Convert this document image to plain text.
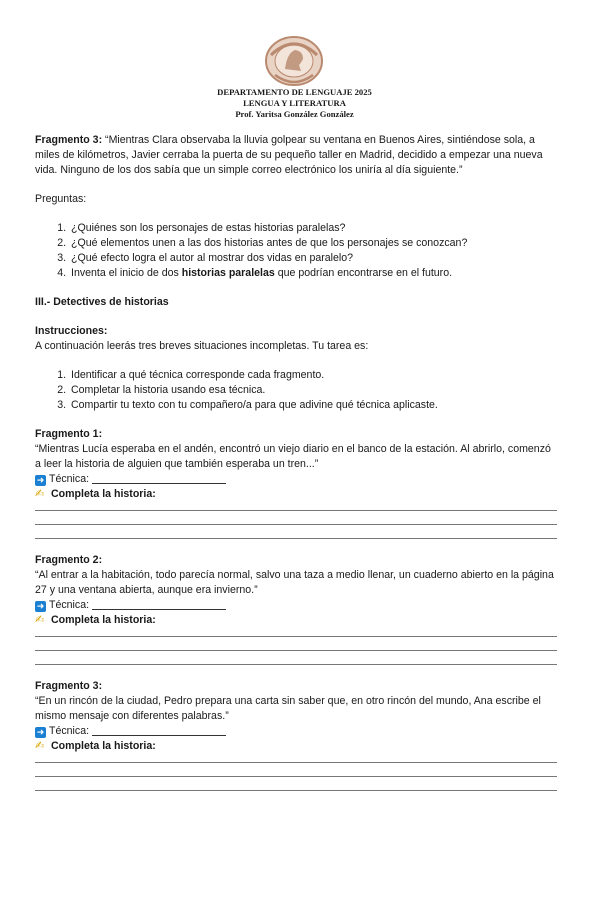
DEPARTAMENTO DE LENGUAJE 2025
LENGUA Y LITERATURA
Prof. Yaritsa González González

Fragmento 3: “Mientras Clara observaba la lluvia golpear su ventana en Buenos Aires, sintiéndose sola, a miles de kilómetros, Javier cerraba la puerta de su pequeño taller en Madrid, decidido a empezar una nueva vida. Ninguno de los dos sabía que un simple correo electrónico los uniría al día siguiente.”

Preguntas:

1. ¿Quiénes son los personajes de estas historias paralelas?
2. ¿Qué elementos unen a las dos historias antes de que los personajes se conozcan?
3. ¿Qué efecto logra el autor al mostrar dos vidas en paralelo?
4. Inventa el inicio de dos historias paralelas que podrían encontrarse en el futuro.

III.- Detectives de historias

Instrucciones:

A continuación leerás tres breves situaciones incompletas. Tu tarea es:

1. Identificar a qué técnica corresponde cada fragmento.
2. Completar la historia usando esa técnica.
3. Compartir tu texto con tu compañero/a para que adivine qué técnica aplicaste.

Fragmento 1:

“Mientras Lucía esperaba en el andén, encontró un viejo diario en el banco de la estación. Al abrirlo, comenzó a leer la historia de alguien que también esperaba un tren...”

➜ Técnica:

✍ Completa la historia:

Fragmento 2:

“Al entrar a la habitación, todo parecía normal, salvo una taza a medio llenar, un cuaderno abierto en la página 27 y una ventana abierta, aunque era invierno.”

➜ Técnica:

✍ Completa la historia:

Fragmento 3:

“En un rincón de la ciudad, Pedro prepara una carta sin saber que, en otro rincón del mundo, Ana escribe el mismo mensaje con diferentes palabras.”

➜ Técnica:

✍ Completa la historia:
